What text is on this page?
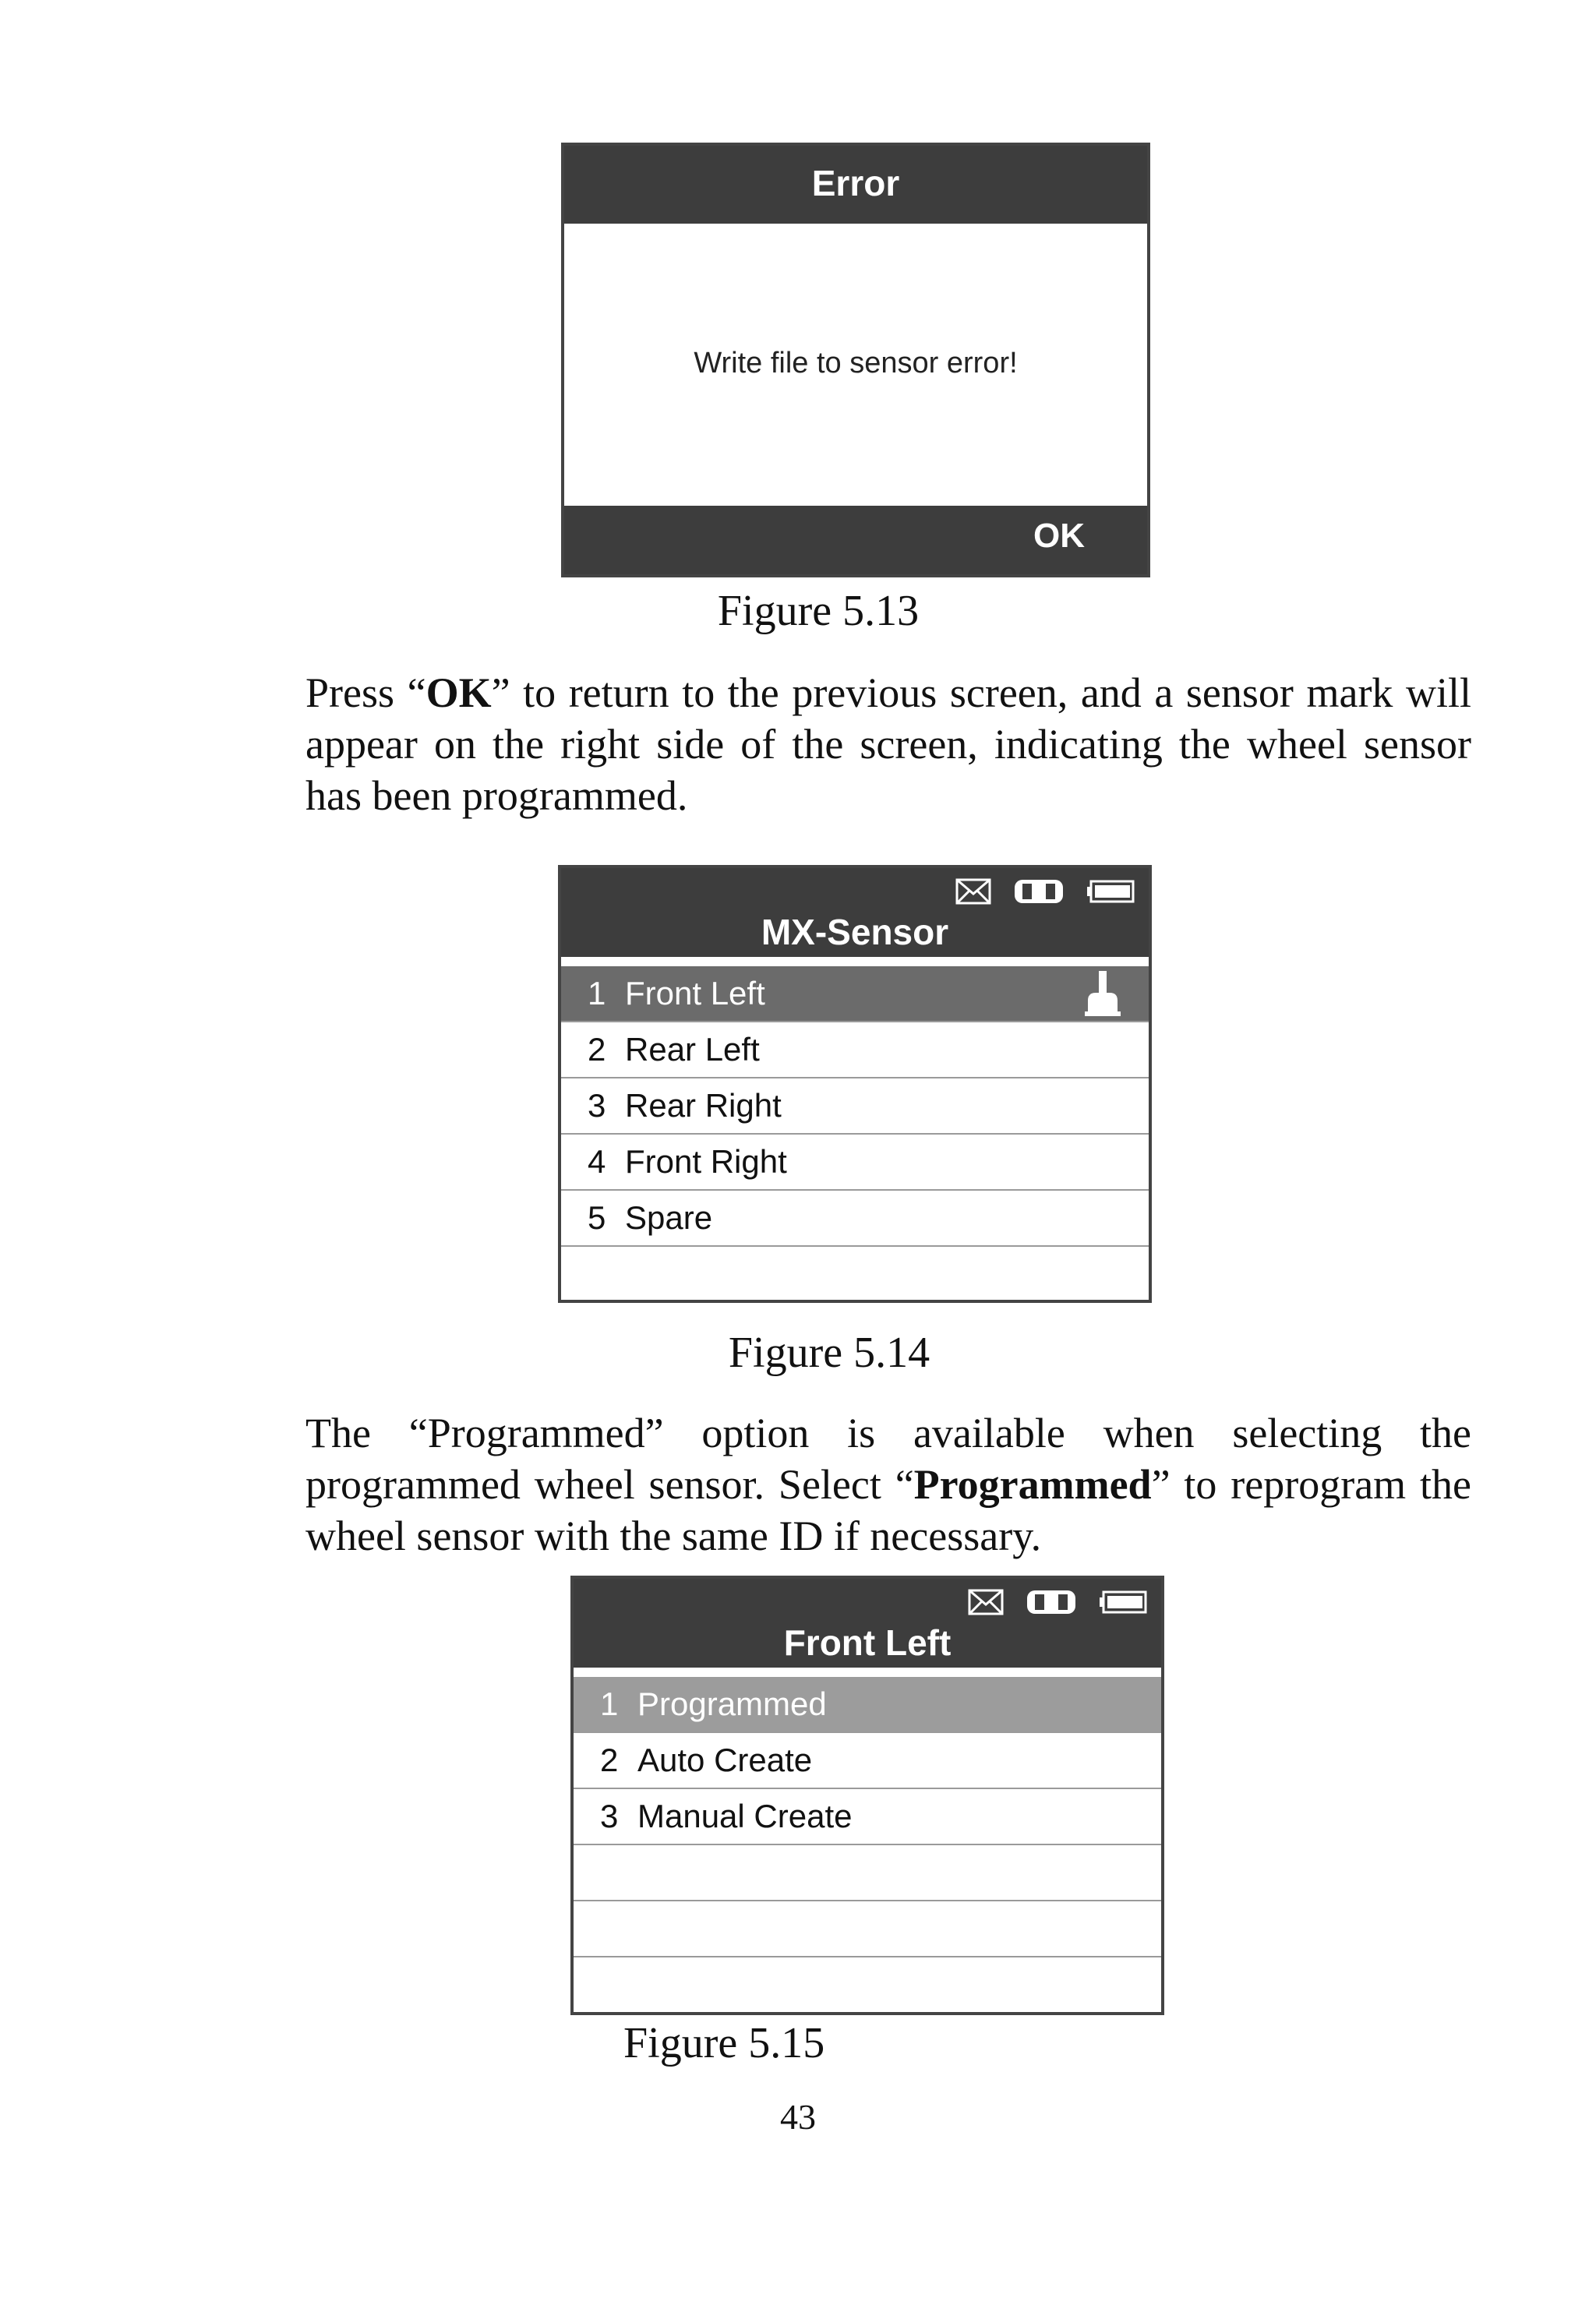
Error
Write file to sensor error!
OK
Figure 5.13
Press “OK” to return to the previous screen, and a sensor mark will appear on the right side of the screen, indicating the wheel sensor has been programmed.
MX-Sensor
1 Front Left
2 Rear Left
3 Rear Right
4 Front Right
5 Spare
Figure 5.14
The “Programmed” option is available when selecting the programmed wheel sensor. Select “Programmed” to reprogram the wheel sensor with the same ID if necessary.
Front Left
1 Programmed
2 Auto Create
3 Manual Create
Figure 5.15
43
